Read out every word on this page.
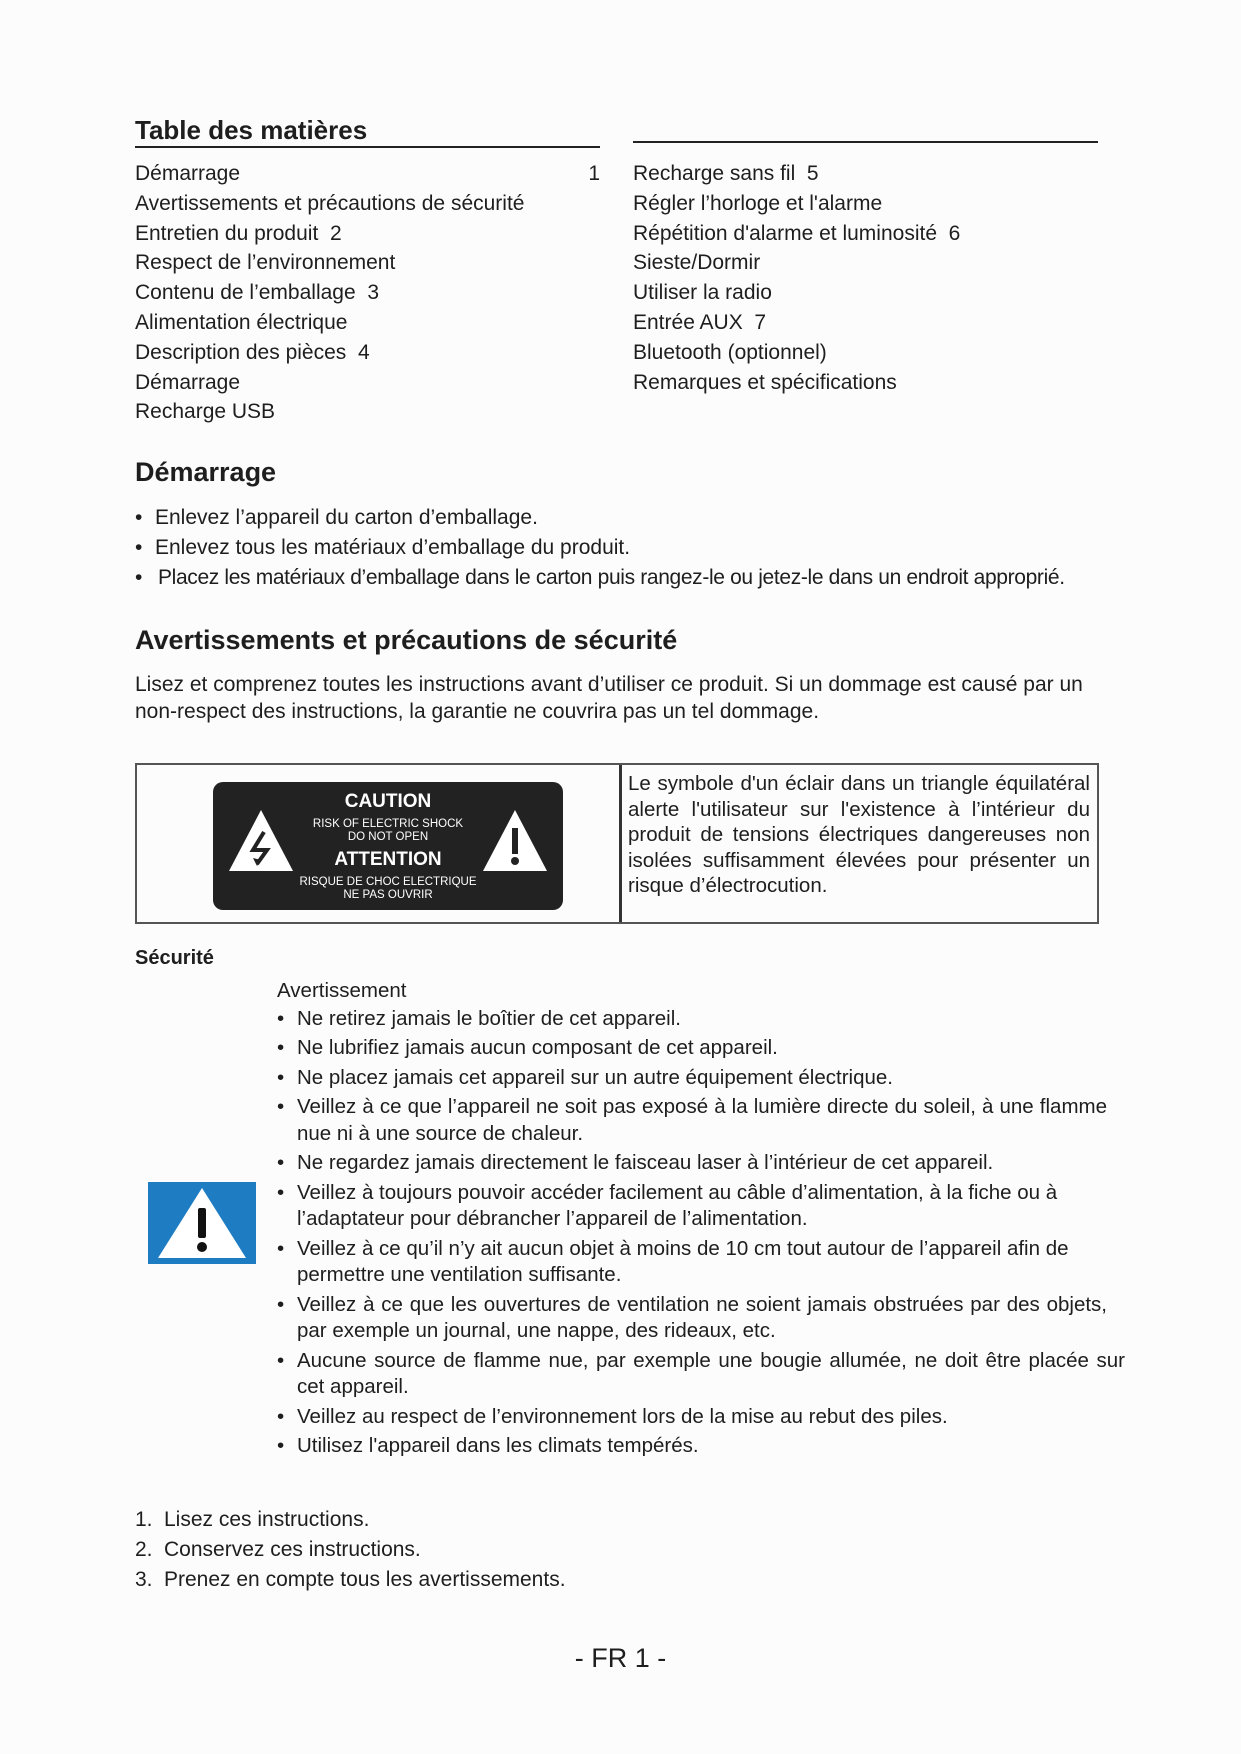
Table des matières
Démarrage	1
Avertissements et précautions de sécurité
Entretien du produit  2
Respect de l’environnement
Contenu de l’emballage  3
Alimentation électrique
Description des pièces  4
Démarrage
Recharge USB
Recharge sans fil  5
Régler l’horloge et l'alarme
Répétition d'alarme et luminosité  6
Sieste/Dormir
Utiliser la radio
Entrée AUX  7
Bluetooth (optionnel)
Remarques et spécifications
Démarrage
• Enlevez l’appareil du carton d’emballage.
• Enlevez tous les matériaux d’emballage du produit.
• Placez les matériaux d’emballage dans le carton puis rangez-le ou jetez-le dans un endroit approprié.
Avertissements et précautions de sécurité
Lisez et comprenez toutes les instructions avant d’utiliser ce produit. Si un dommage est causé par un
non-respect des instructions, la garantie ne couvrira pas un tel dommage.
CAUTION
RISK OF ELECTRIC SHOCK
DO NOT OPEN
ATTENTION
RISQUE DE CHOC ELECTRIQUE
NE PAS OUVRIR
Le symbole d'un éclair dans un triangle équilatéral alerte l'utilisateur sur l'existence à l’intérieur du produit de tensions électriques dangereuses non isolées suffisamment élevées pour présenter un risque d’électrocution.
Sécurité
Avertissement
• Ne retirez jamais le boîtier de cet appareil.
• Ne lubrifiez jamais aucun composant de cet appareil.
• Ne placez jamais cet appareil sur un autre équipement électrique.
• Veillez à ce que l’appareil ne soit pas exposé à la lumière directe du soleil, à une flamme nue ni à une source de chaleur.
• Ne regardez jamais directement le faisceau laser à l’intérieur de cet appareil.
• Veillez à toujours pouvoir accéder facilement au câble d’alimentation, à la fiche ou à l’adaptateur pour débrancher l’appareil de l’alimentation.
• Veillez à ce qu’il n’y ait aucun objet à moins de 10 cm tout autour de l’appareil afin de permettre une ventilation suffisante.
• Veillez à ce que les ouvertures de ventilation ne soient jamais obstruées par des objets, par exemple un journal, une nappe, des rideaux, etc.
• Aucune source de flamme nue, par exemple une bougie allumée, ne doit être placée sur cet appareil.
• Veillez au respect de l’environnement lors de la mise au rebut des piles.
• Utilisez l'appareil dans les climats tempérés.
1. Lisez ces instructions.
2. Conservez ces instructions.
3. Prenez en compte tous les avertissements.
- FR 1 -
